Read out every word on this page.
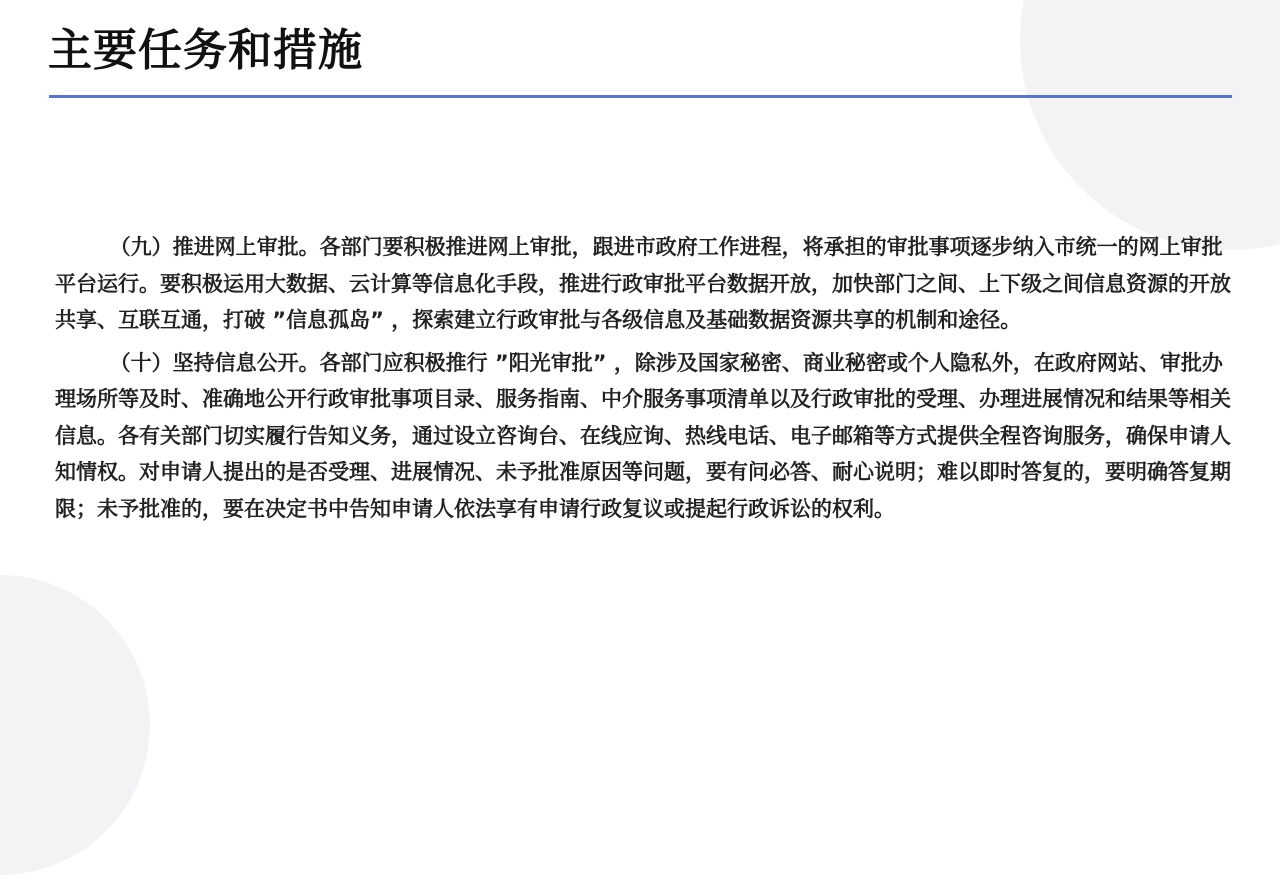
主要任务和措施

（九）推进网上审批。各部门要积极推进网上审批，跟进市政府工作进程，将承担的审批事项逐步纳入市统一的网上审批平台运行。要积极运用大数据、云计算等信息化手段，推进行政审批平台数据开放，加快部门之间、上下级之间信息资源的开放共享、互联互通，打破 ”信息孤岛” ，探索建立行政审批与各级信息及基础数据资源共享的机制和途径。

（十）坚持信息公开。各部门应积极推行 ”阳光审批” ，除涉及国家秘密、商业秘密或个人隐私外，在政府网站、审批办理场所等及时、准确地公开行政审批事项目录、服务指南、中介服务事项清单以及行政审批的受理、办理进展情况和结果等相关信息。各有关部门切实履行告知义务，通过设立咨询台、在线应询、热线电话、电子邮箱等方式提供全程咨询服务，确保申请人知情权。对申请人提出的是否受理、进展情况、未予批准原因等问题，要有问必答、耐心说明；难以即时答复的，要明确答复期限；未予批准的，要在决定书中告知申请人依法享有申请行政复议或提起行政诉讼的权利。
